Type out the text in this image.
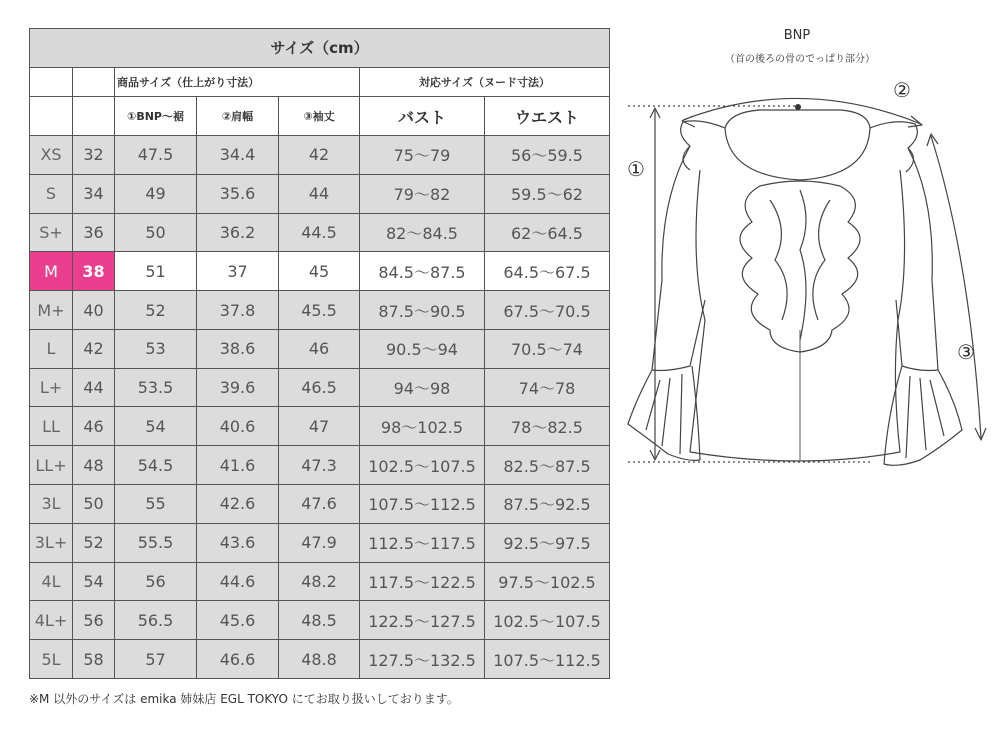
サイズ（cm）						
		商品サイズ（仕上がり寸法）			対応サイズ（ヌード寸法）	
		①BNP〜裾	②肩幅	③袖丈	バスト	ウエスト
XS	32	47.5	34.4	42	75〜79	56〜59.5
S	34	49	35.6	44	79〜82	59.5〜62
S+	36	50	36.2	44.5	82〜84.5	62〜64.5
M	38	51	37	45	84.5〜87.5	64.5〜67.5
M+	40	52	37.8	45.5	87.5〜90.5	67.5〜70.5
L	42	53	38.6	46	90.5〜94	70.5〜74
L+	44	53.5	39.6	46.5	94〜98	74〜78
LL	46	54	40.6	47	98〜102.5	78〜82.5
LL+	48	54.5	41.6	47.3	102.5〜107.5	82.5〜87.5
3L	50	55	42.6	47.6	107.5〜112.5	87.5〜92.5
3L+	52	55.5	43.6	47.9	112.5〜117.5	92.5〜97.5
4L	54	56	44.6	48.2	117.5〜122.5	97.5〜102.5
4L+	56	56.5	45.6	48.5	122.5〜127.5	102.5〜107.5
5L	58	57	46.6	48.8	127.5〜132.5	107.5〜112.5
※M 以外のサイズは emika 姉妹店 EGL TOKYO にてお取り扱いしております。
BNP
（首の後ろの骨のでっぱり部分）
①
②
③
